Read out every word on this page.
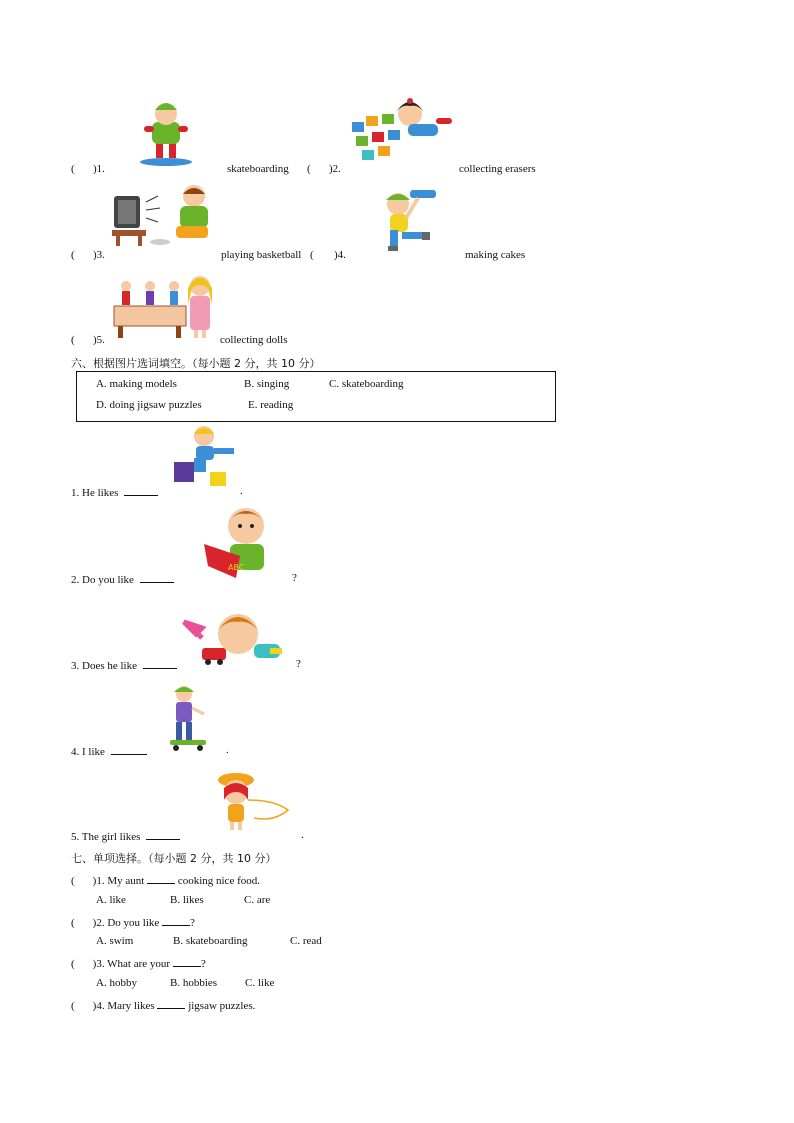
( )1.	skateboarding ( )2.	collecting erasers
( )3.	playing basketball ( )4.	making cakes
( )5.	collecting dolls
六、根据图片选词填空。（每小题 2 分，共 10 分）
A. making models	B. singing	C. skateboarding
D. doing jigsaw puzzles	E. reading
1. He likes	.
ABC
2. Do you like	?
3. Does he like	?
4. I like	.
5. The girl likes	.
七、单项选择。（每小题 2 分，共 10 分）
( )1. My aunt	cooking nice food.
A. like	B. likes	C. are
( )2. Do you like	?
A. swim	B. skateboarding	C. read
( )3. What are your	?
A. hobby	B. hobbies	C. like
( )4. Mary likes	jigsaw puzzles.
